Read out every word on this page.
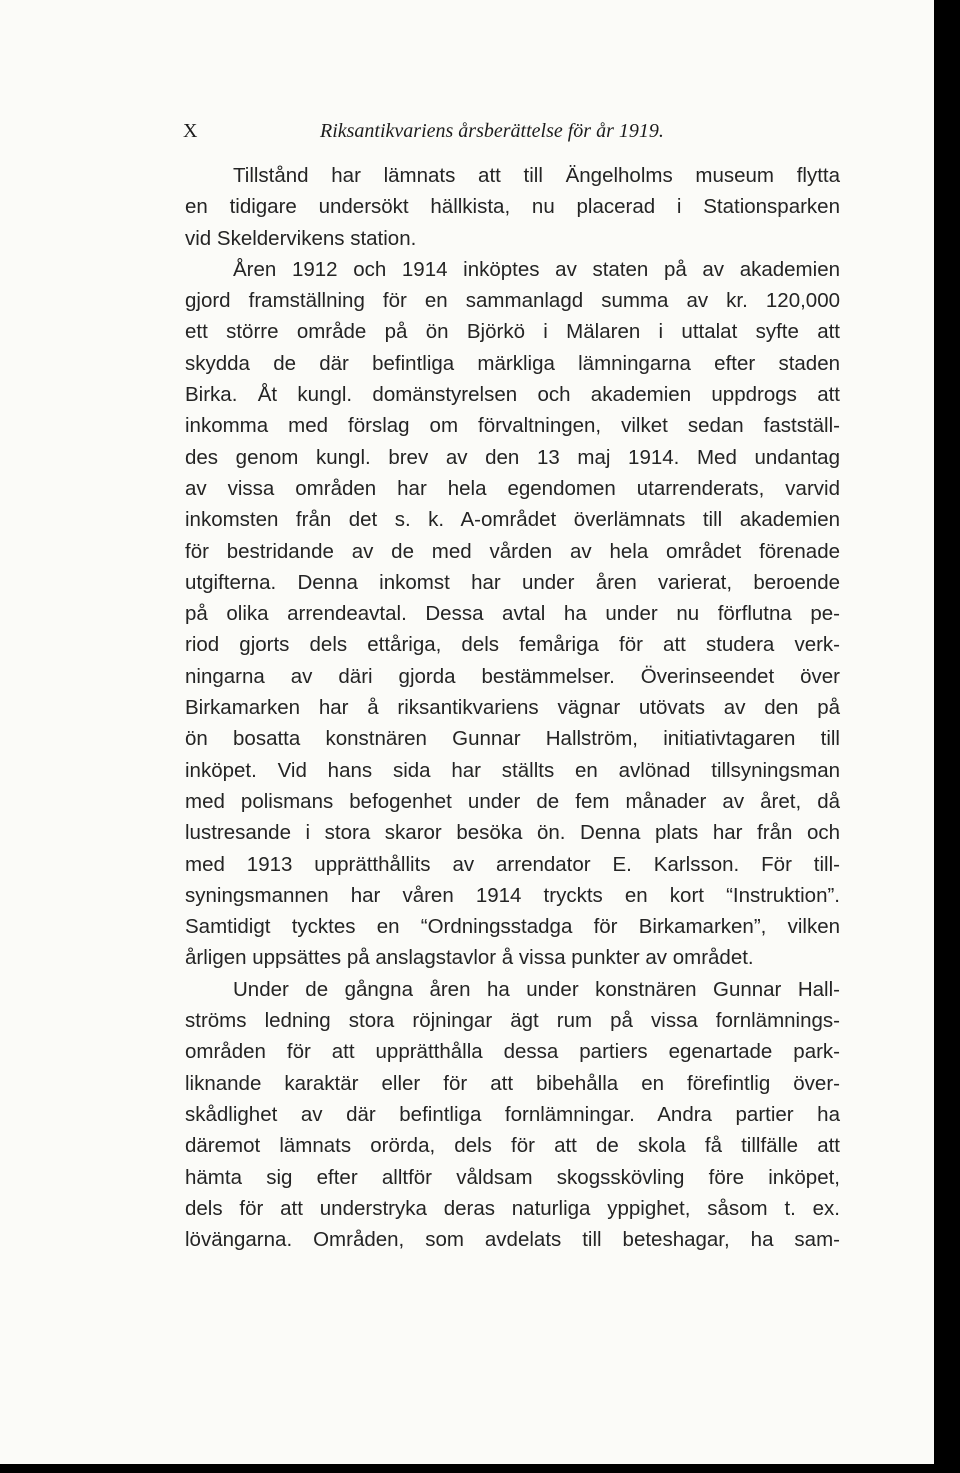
X	Riksantikvariens årsberättelse för år 1919.
Tillstånd har lämnats att till Ängelholms museum flytta
en tidigare undersökt hällkista, nu placerad i Stationsparken
vid Skeldervikens station.
Åren 1912 och 1914 inköptes av staten på av akademien
gjord framställning för en sammanlagd summa av kr. 120,000
ett större område på ön Björkö i Mälaren i uttalat syfte att
skydda de där befintliga märkliga lämningarna efter staden
Birka. Åt kungl. domänstyrelsen och akademien uppdrogs att
inkomma med förslag om förvaltningen, vilket sedan fastställ-
des genom kungl. brev av den 13 maj 1914. Med undantag
av vissa områden har hela egendomen utarrenderats, varvid
inkomsten från det s. k. A-området överlämnats till akademien
för bestridande av de med vården av hela området förenade
utgifterna. Denna inkomst har under åren varierat, beroende
på olika arrendeavtal. Dessa avtal ha under nu förflutna pe-
riod gjorts dels ettåriga, dels femåriga för att studera verk-
ningarna av däri gjorda bestämmelser. Överinseendet över
Birkamarken har å riksantikvariens vägnar utövats av den på
ön bosatta konstnären Gunnar Hallström, initiativtagaren till
inköpet. Vid hans sida har ställts en avlönad tillsyningsman
med polismans befogenhet under de fem månader av året, då
lustresande i stora skaror besöka ön. Denna plats har från och
med 1913 upprätthållits av arrendator E. Karlsson. För till-
syningsmannen har våren 1914 tryckts en kort “Instruktion”.
Samtidigt tycktes en “Ordningsstadga för Birkamarken”, vilken
årligen uppsättes på anslagstavlor å vissa punkter av området.
Under de gångna åren ha under konstnären Gunnar Hall-
ströms ledning stora röjningar ägt rum på vissa fornlämnings-
områden för att upprätthålla dessa partiers egenartade park-
liknande karaktär eller för att bibehålla en förefintlig över-
skådlighet av där befintliga fornlämningar. Andra partier ha
däremot lämnats orörda, dels för att de skola få tillfälle att
hämta sig efter alltför våldsam skogsskövling före inköpet,
dels för att understryka deras naturliga yppighet, såsom t. ex.
lövängarna. Områden, som avdelats till beteshagar, ha sam-
